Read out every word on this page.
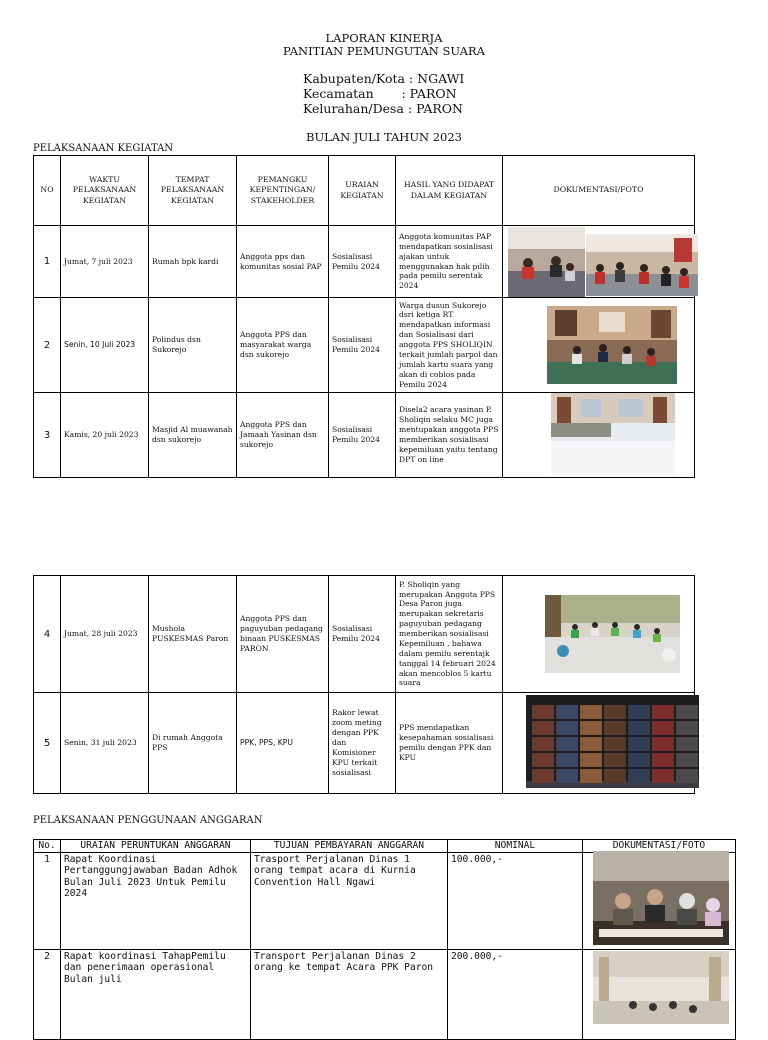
LAPORAN KINERJA
PANITIAN PEMUNGUTAN SUARA
Kabupaten/Kota : NGAWI
Kecamatan       : PARON
Kelurahan/Desa : PARON
BULAN JULI TAHUN 2023
PELAKSANAAN KEGIATAN
NO	WAKTU PELAKSANAAN KEGIATAN	TEMPAT PELAKSANAAN KEGIATAN	PEMANGKU KEPENTINGAN/ STAKEHOLDER	URAIAN KEGIATAN	HASIL YANG DIDAPAT DALAM KEGIATAN	DOKUMENTASI/FOTO
1	Jumat, 7 juli 2023	Rumah bpk kardi	Anggota pps dan komunitas sosial PAP	Sosialisasi Pemilu 2024	Anggota komunitas PAP mendapatkan sosialisasi ajakan untuk menggunakan hak pilih pada pemilu serentak 2024	
2	Senin, 10 Juli 2023	Polindus dsn Sukorejo	Anggota PPS dan masyarakat warga dsn sukorejo	Sosialisasi Pemilu 2024	Warga dusun Sukorejo dsri ketiga RT mendapatkan informasi dan Sosialisasi dari anggota PPS SHOLIQIN terkait jumlah parpol dan jumlah kartu suara yang akan di coblos pada Pemilu 2024	
3	Kamis, 20 juli 2023	Masjid Al muawanah dsn sukorejo	Anggota PPS dan Jamaah Yasinan dsn sukorejo	Sosialisasi Pemilu 2024	Disela2 acara yasinan P. Sholiqin selaku MC juga mentupakan anggota PPS memberikan sosialisasi kepemiluan yaitu tentang DPT on line	
4	Jumat, 28 juli 2023	Mushola PUSKESMAS Paron	Anggota PPS dan paguyuban pedagang binaan PUSKESMAS PARON	Sosialisasi Pemilu 2024	P. Sholiqin yang merupakan Anggota PPS Desa Paron juga merupakan sekretaris paguyuban pedagang memberikan sosialisasi Kepemiluan , bahawa dalam pemilu serentajk tanggal 14 februari 2024 akan mencoblos 5 kartu suara	
5	Senin, 31 juli 2023	Di rumah Anggota PPS	PPK, PPS, KPU	Rakor lewat zoom meting dengan PPK dan Komisioner KPU terkait sosialisasi	PPS mendapatkan kesepahaman sosialisasi pemilu dengan PPK dan KPU	
PELAKSANAAN PENGGUNAAN ANGGARAN
No.	URAIAN PERUNTUKAN ANGGARAN	TUJUAN PEMBAYARAN ANGGARAN	NOMINAL	DOKUMENTASI/FOTO
1	Rapat Koordinasi Pertanggungjawaban Badan Adhok Bulan Juli 2023 Untuk Pemilu 2024	Trasport Perjalanan Dinas 1 orang tempat acara di Kurnia Convention Hall Ngawi	100.000,-	
2	Rapat koordinasi TahapPemilu dan penerimaan operasional Bulan juli	Transport Perjalanan Dinas 2 orang ke tempat Acara PPK Paron	200.000,-	
